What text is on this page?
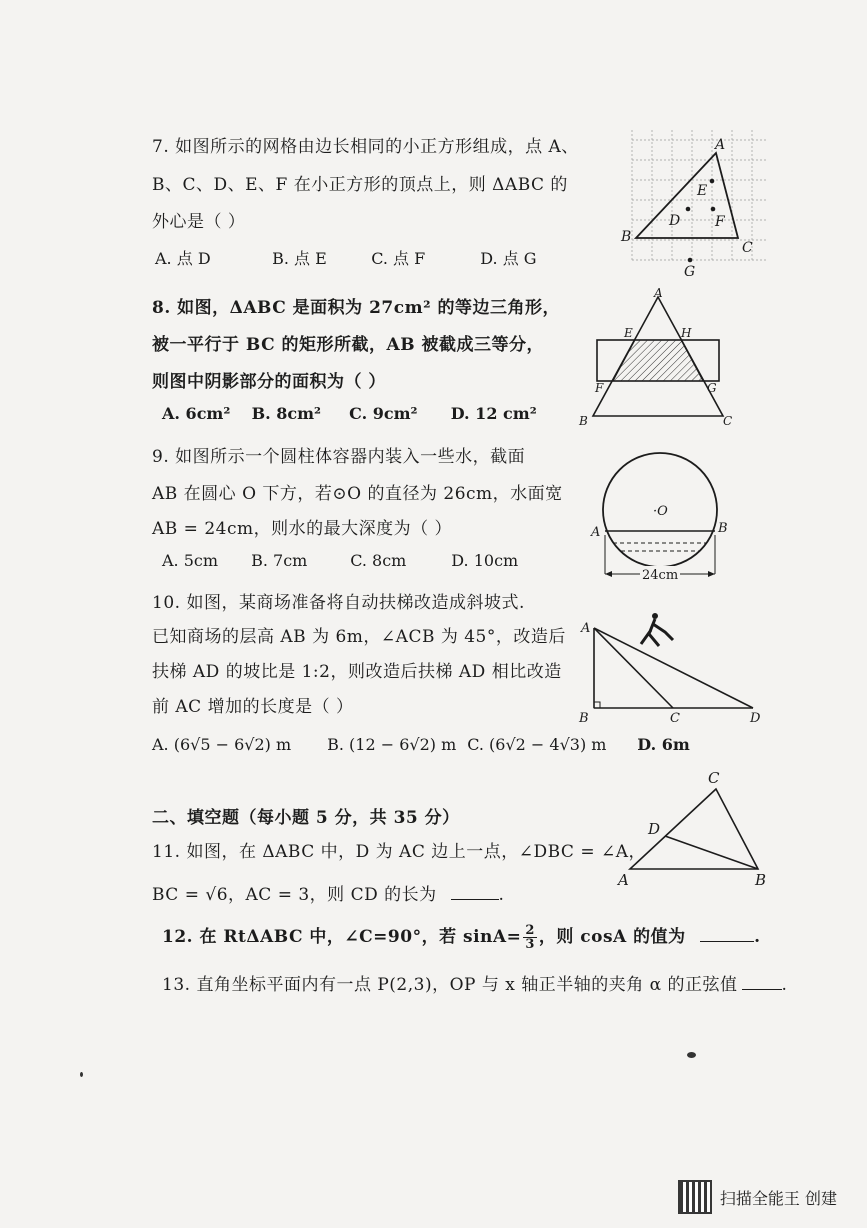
7. 如图所示的网格由边长相同的小正方形组成，点 A、
B、C、D、E、F 在小正方形的顶点上，则 ΔABC 的
外心是（ ）
A. 点 D	B. 点 E	C. 点 F	D. 点 G
A
B
C
D
E
F
G
8. 如图，ΔABC 是面积为 27cm² 的等边三角形，
被一平行于 BC 的矩形所截，AB 被截成三等分，
则图中阴影部分的面积为（ ）
A. 6cm² B. 8cm² C. 9cm² D. 12 cm²
A
B	C
E	H
F	G
9. 如图所示一个圆柱体容器内装入一些水，截面
AB 在圆心 O 下方，若⊙O 的直径为 26cm，水面宽
AB = 24cm，则水的最大深度为（ ）
A. 5cm B. 7cm	C. 8cm	D. 10cm
·O
A	B
24cm
10. 如图，某商场准备将自动扶梯改造成斜坡式.
已知商场的层高 AB 为 6m，∠ACB 为 45°，改造后
扶梯 AD 的坡比是 1:2，则改造后扶梯 AD 相比改造
前 AC 增加的长度是（ ）
A. (6√5 − 6√2) m B. (12 − 6√2) m C. (6√2 − 4√3) m D. 6m
A
B	C	D
二、填空题（每小题 5 分，共 35 分）
11. 如图，在 ΔABC 中，D 为 AC 边上一点，∠DBC = ∠A，
BC = √6，AC = 3，则 CD 的长为	.
C
D
A	B
12. 在 RtΔABC 中，∠C=90°，若 $\sin A= \frac{2}{3}$ ，则 cosA 的值为	.
13. 直角坐标平面内有一点 P(2,3)，OP 与 x 轴正半轴的夹角 α 的正弦值	.
扫描全能王 创建
